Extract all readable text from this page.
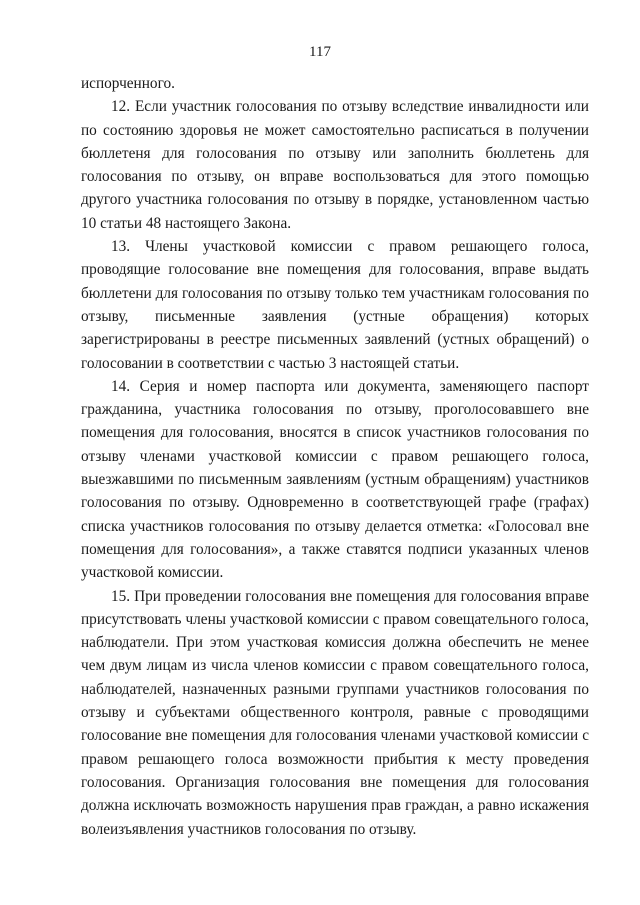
117

испорченного.

12. Если участник голосования по отзыву вследствие инвалидности или по состоянию здоровья не может самостоятельно расписаться в получении бюллетеня для голосования по отзыву или заполнить бюллетень для голосования по отзыву, он вправе воспользоваться для этого помощью другого участника голосования по отзыву в порядке, установленном частью 10 статьи 48 настоящего Закона.

13. Члены участковой комиссии с правом решающего голоса, проводящие голосование вне помещения для голосования, вправе выдать бюллетени для голосования по отзыву только тем участникам голосования по отзыву, письменные заявления (устные обращения) которых зарегистрированы в реестре письменных заявлений (устных обращений) о голосовании в соответствии с частью 3 настоящей статьи.

14. Серия и номер паспорта или документа, заменяющего паспорт гражданина, участника голосования по отзыву, проголосовавшего вне помещения для голосования, вносятся в список участников голосования по отзыву членами участковой комиссии с правом решающего голоса, выезжавшими по письменным заявлениям (устным обращениям) участников голосования по отзыву. Одновременно в соответствующей графе (графах) списка участников голосования по отзыву делается отметка: «Голосовал вне помещения для голосования», а также ставятся подписи указанных членов участковой комиссии.

15. При проведении голосования вне помещения для голосования вправе присутствовать члены участковой комиссии с правом совещательного голоса, наблюдатели. При этом участковая комиссия должна обеспечить не менее чем двум лицам из числа членов комиссии с правом совещательного голоса, наблюдателей, назначенных разными группами участников голосования по отзыву и субъектами общественного контроля, равные с проводящими голосование вне помещения для голосования членами участковой комиссии с правом решающего голоса возможности прибытия к месту проведения голосования. Организация голосования вне помещения для голосования должна исключать возможность нарушения прав граждан, а равно искажения волеизъявления участников голосования по отзыву.
